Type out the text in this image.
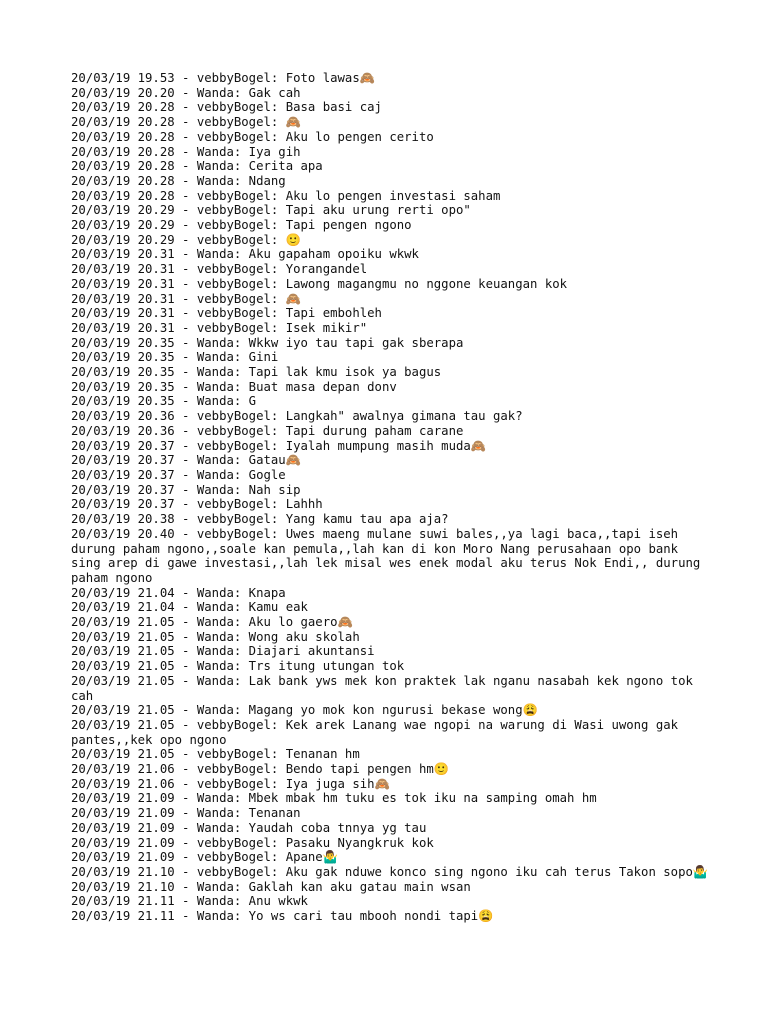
20/03/19 19.53 - vebbyBogel: Foto lawas🙈

20/03/19 20.20 - Wanda: Gak cah

20/03/19 20.28 - vebbyBogel: Basa basi caj

20/03/19 20.28 - vebbyBogel: 🙈

20/03/19 20.28 - vebbyBogel: Aku lo pengen cerito

20/03/19 20.28 - Wanda: Iya gih

20/03/19 20.28 - Wanda: Cerita apa

20/03/19 20.28 - Wanda: Ndang

20/03/19 20.28 - vebbyBogel: Aku lo pengen investasi saham

20/03/19 20.29 - vebbyBogel: Tapi aku urung rerti opo"

20/03/19 20.29 - vebbyBogel: Tapi pengen ngono

20/03/19 20.29 - vebbyBogel: 🙂

20/03/19 20.31 - Wanda: Aku gapaham opoiku wkwk

20/03/19 20.31 - vebbyBogel: Yorangandel

20/03/19 20.31 - vebbyBogel: Lawong magangmu no nggone keuangan kok

20/03/19 20.31 - vebbyBogel: 🙈

20/03/19 20.31 - vebbyBogel: Tapi embohleh

20/03/19 20.31 - vebbyBogel: Isek mikir"

20/03/19 20.35 - Wanda: Wkkw iyo tau tapi gak sberapa

20/03/19 20.35 - Wanda: Gini

20/03/19 20.35 - Wanda: Tapi lak kmu isok ya bagus

20/03/19 20.35 - Wanda: Buat masa depan donv

20/03/19 20.35 - Wanda: G

20/03/19 20.36 - vebbyBogel: Langkah" awalnya gimana tau gak?

20/03/19 20.36 - vebbyBogel: Tapi durung paham carane

20/03/19 20.37 - vebbyBogel: Iyalah mumpung masih muda🙈

20/03/19 20.37 - Wanda: Gatau🙈

20/03/19 20.37 - Wanda: Gogle

20/03/19 20.37 - Wanda: Nah sip

20/03/19 20.37 - vebbyBogel: Lahhh

20/03/19 20.38 - vebbyBogel: Yang kamu tau apa aja?

20/03/19 20.40 - vebbyBogel: Uwes maeng mulane suwi bales,,ya lagi baca,,tapi iseh durung paham ngono,,soale kan pemula,,lah kan di kon Moro Nang perusahaan opo bank sing arep di gawe investasi,,lah lek misal wes enek modal aku terus Nok Endi,, durung paham ngono

20/03/19 21.04 - Wanda: Knapa

20/03/19 21.04 - Wanda: Kamu eak

20/03/19 21.05 - Wanda: Aku lo gaero🙈

20/03/19 21.05 - Wanda: Wong aku skolah

20/03/19 21.05 - Wanda: Diajari akuntansi

20/03/19 21.05 - Wanda: Trs itung utungan tok

20/03/19 21.05 - Wanda: Lak bank yws mek kon praktek lak nganu nasabah kek ngono tok cah

20/03/19 21.05 - Wanda: Magang yo mok kon ngurusi bekase wong😩

20/03/19 21.05 - vebbyBogel: Kek arek Lanang wae ngopi na warung di Wasi uwong gak pantes,,kek opo ngono

20/03/19 21.05 - vebbyBogel: Tenanan hm

20/03/19 21.06 - vebbyBogel: Bendo tapi pengen hm🙂

20/03/19 21.06 - vebbyBogel: Iya juga sih🙈

20/03/19 21.09 - Wanda: Mbek mbak hm tuku es tok iku na samping omah hm

20/03/19 21.09 - Wanda: Tenanan

20/03/19 21.09 - Wanda: Yaudah coba tnnya yg tau

20/03/19 21.09 - vebbyBogel: Pasaku Nyangkruk kok

20/03/19 21.09 - vebbyBogel: Apane🤷‍♂️

20/03/19 21.10 - vebbyBogel: Aku gak nduwe konco sing ngono iku cah terus Takon sopo🤷‍♂️

20/03/19 21.10 - Wanda: Gaklah kan aku gatau main wsan

20/03/19 21.11 - Wanda: Anu wkwk

20/03/19 21.11 - Wanda: Yo ws cari tau mbooh nondi tapi😩
